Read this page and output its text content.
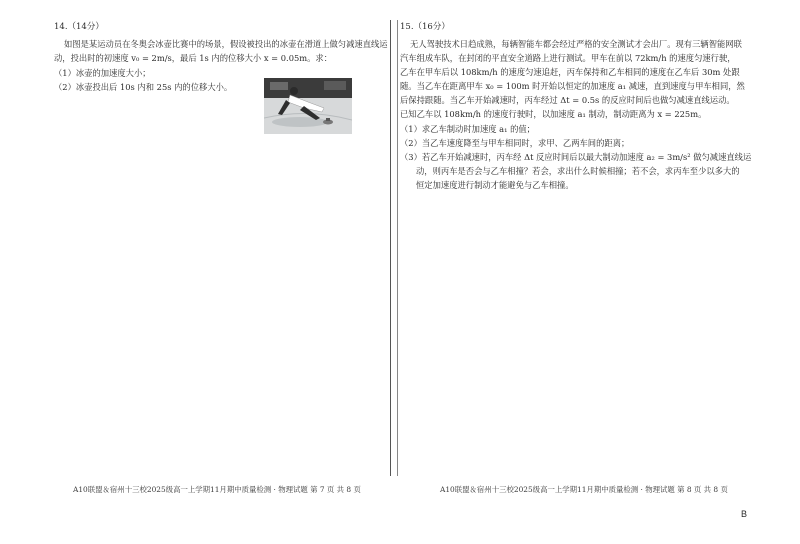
14.（14分）
如图是某运动员在冬奥会冰壶比赛中的场景，假设被投出的冰壶在滑道上做匀减速直线运
动，投出时的初速度 v₀ = 2m/s，最后 1s 内的位移大小 x = 0.05m。求：
（1）冰壶的加速度大小；
（2）冰壶投出后 10s 内和 25s 内的位移大小。
A10联盟＆宿州十三校2025级高一上学期11月期中质量检测 · 物理试题 第 7 页 共 8 页
15.（16分）
无人驾驶技术日趋成熟，每辆智能车都会经过严格的安全测试才会出厂。现有三辆智能网联
汽车组成车队，在封闭的平直安全道路上进行测试。甲车在前以 72km/h 的速度匀速行驶，
乙车在甲车后以 108km/h 的速度匀速追赶，丙车保持和乙车相同的速度在乙车后 30m 处跟
随。当乙车在距离甲车 x₀ = 100m 时开始以恒定的加速度 a₁ 减速，直到速度与甲车相同，然
后保持跟随。当乙车开始减速时，丙车经过 Δt = 0.5s 的反应时间后也做匀减速直线运动。
已知乙车以 108km/h 的速度行驶时，以加速度 a₁ 制动，制动距离为 x = 225m。
（1）求乙车制动时加速度 a₁ 的值；
（2）当乙车速度降至与甲车相同时，求甲、乙两车间的距离；
（3）若乙车开始减速时，丙车经 Δt 反应时间后以最大制动加速度 a₂ = 3m/s² 做匀减速直线运
动，则丙车是否会与乙车相撞？若会，求出什么时候相撞；若不会，求丙车至少以多大的
恒定加速度进行制动才能避免与乙车相撞。
A10联盟＆宿州十三校2025级高一上学期11月期中质量检测 · 物理试题 第 8 页 共 8 页
B
